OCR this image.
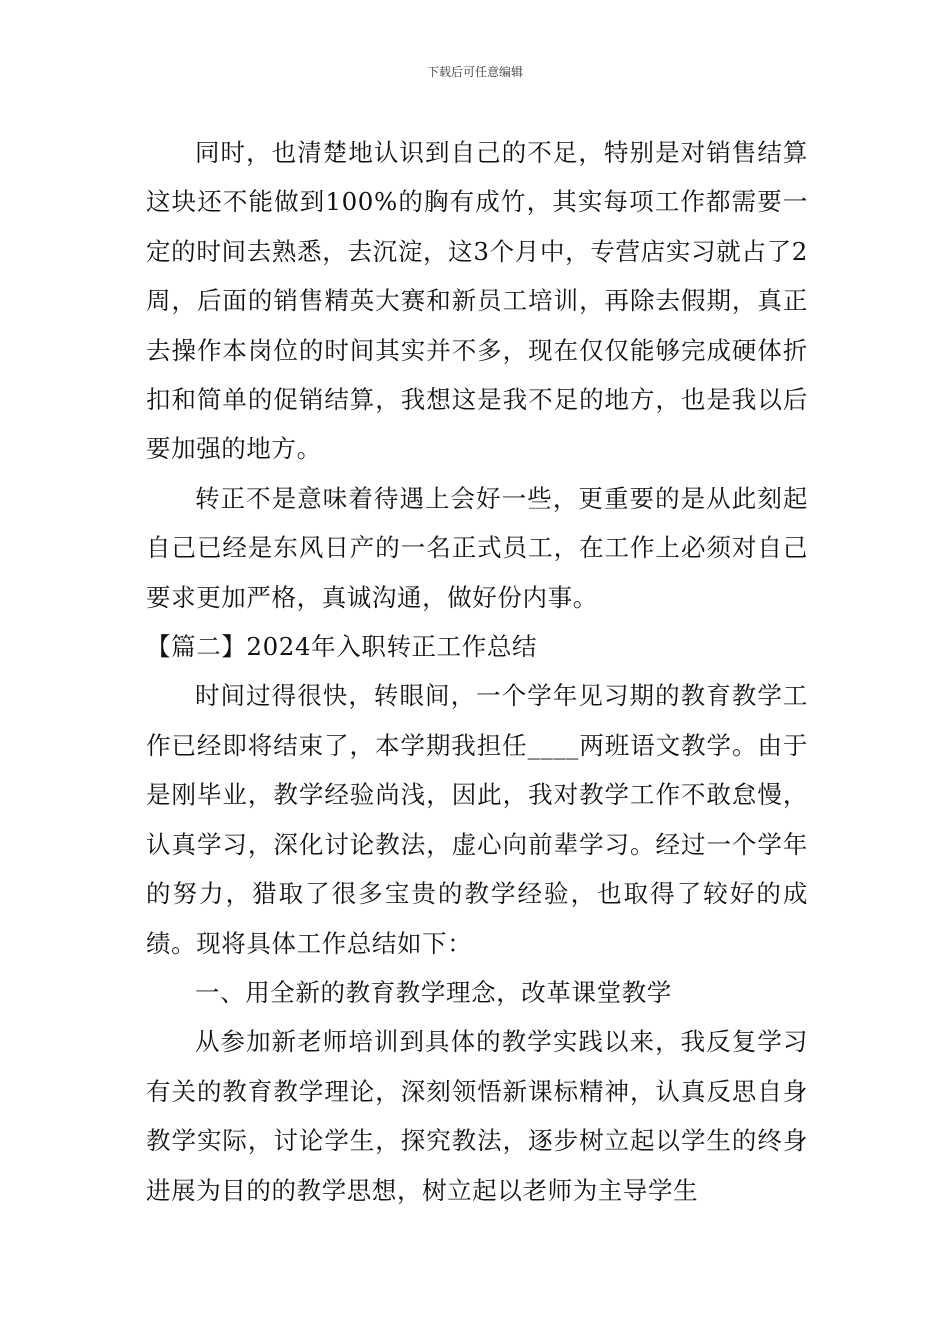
下载后可任意编辑

同时，也清楚地认识到自己的不足，特别是对销售结算这块还不能做到100%的胸有成竹，其实每项工作都需要一定的时间去熟悉，去沉淀，这3个月中，专营店实习就占了2周，后面的销售精英大赛和新员工培训，再除去假期，真正去操作本岗位的时间其实并不多，现在仅仅能够完成硬体折扣和简单的促销结算，我想这是我不足的地方，也是我以后要加强的地方。

转正不是意味着待遇上会好一些，更重要的是从此刻起自己已经是东风日产的一名正式员工，在工作上必须对自己要求更加严格，真诚沟通，做好份内事。

【篇二】2024年入职转正工作总结

时间过得很快，转眼间，一个学年见习期的教育教学工作已经即将结束了，本学期我担任____两班语文教学。由于是刚毕业，教学经验尚浅，因此，我对教学工作不敢怠慢，认真学习，深化讨论教法，虚心向前辈学习。经过一个学年的努力，猎取了很多宝贵的教学经验，也取得了较好的成绩。现将具体工作总结如下：

一、用全新的教育教学理念，改革课堂教学

从参加新老师培训到具体的教学实践以来，我反复学习有关的教育教学理论，深刻领悟新课标精神，认真反思自身教学实际，讨论学生，探究教法，逐步树立起以学生的终身进展为目的的教学思想，树立起以老师为主导学生
